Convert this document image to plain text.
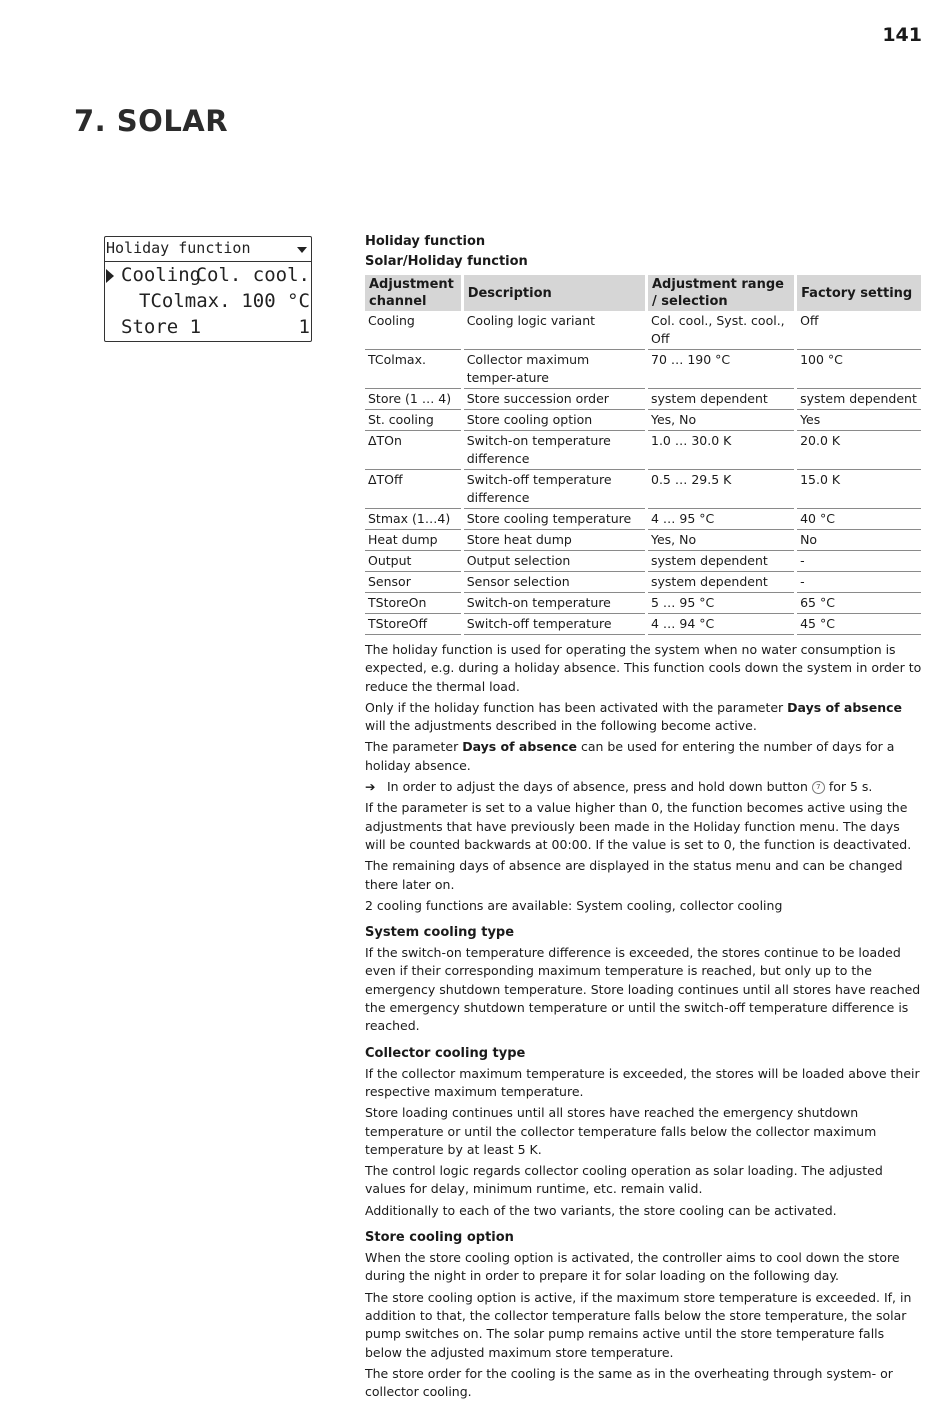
141
7. SOLAR
Holiday function
Cooling
Col. cool.
TColmax. 100 °C
Store 1	1
Holiday function
Solar/Holiday function
Adjustment channel	Description	Adjustment range / selection	Factory setting
Cooling	Cooling logic variant	Col. cool., Syst. cool., Off	Off
TColmax.	Collector maximum temper-ature	70 … 190 °C	100 °C
Store (1 … 4)	Store succession order	system dependent	system dependent
St. cooling	Store cooling option	Yes, No	Yes
ΔTOn	Switch-on temperature difference	1.0 … 30.0 K	20.0 K
ΔTOff	Switch-off temperature difference	0.5 … 29.5 K	15.0 K
Stmax (1…4)	Store cooling temperature	4 … 95 °C	40 °C
Heat dump	Store heat dump	Yes, No	No
Output	Output selection	system dependent	-
Sensor	Sensor selection	system dependent	-
TStoreOn	Switch-on temperature	5 … 95 °C	65 °C
TStoreOff	Switch-off temperature	4 … 94 °C	45 °C

The holiday function is used for operating the system when no water consumption is expected, e.g. during a holiday absence. This function cools down the system in order to reduce the thermal load.

Only if the holiday function has been activated with the parameter Days of absence will the adjustments described in the following become active.

The parameter Days of absence can be used for entering the number of days for a holiday absence.

➔ In order to adjust the days of absence, press and hold down button 7 for 5 s.

If the parameter is set to a value higher than 0, the function becomes active using the adjustments that have previously been made in the Holiday function menu. The days will be counted backwards at 00:00. If the value is set to 0, the function is deactivated.

The remaining days of absence are displayed in the status menu and can be changed there later on.

2 cooling functions are available: System cooling, collector cooling

System cooling type

If the switch-on temperature difference is exceeded, the stores continue to be loaded even if their corresponding maximum temperature is reached, but only up to the emergency shutdown temperature. Store loading continues until all stores have reached the emergency shutdown temperature or until the switch-off temperature difference is reached.

Collector cooling type

If the collector maximum temperature is exceeded, the stores will be loaded above their respective maximum temperature.

Store loading continues until all stores have reached the emergency shutdown temperature or until the collector temperature falls below the collector maximum temperature by at least 5 K.

The control logic regards collector cooling operation as solar loading. The adjusted values for delay, minimum runtime, etc. remain valid.

Additionally to each of the two variants, the store cooling can be activated.

Store cooling option

When the store cooling option is activated, the controller aims to cool down the store during the night in order to prepare it for solar loading on the following day.

The store cooling option is active, if the maximum store temperature is exceeded. If, in addition to that, the collector temperature falls below the store temperature, the solar pump switches on. The solar pump remains active until the store temperature falls below the adjusted maximum store temperature.

The store order for the cooling is the same as in the overheating through system- or collector cooling.
